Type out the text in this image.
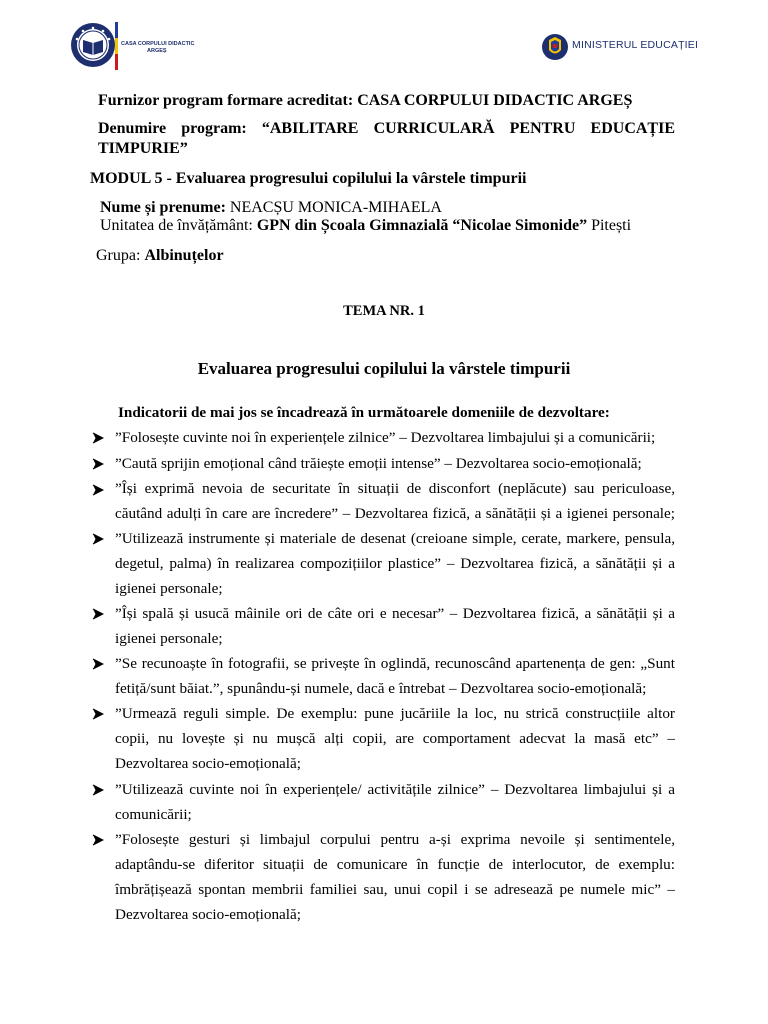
CASA CORPULUI DIDACTIC
ARGEȘ	MINISTERUL EDUCAȚIEI
Furnizor program formare acreditat: CASA CORPULUI DIDACTIC ARGEȘ
Denumire program: “ABILITARE CURRICULARĂ PENTRU EDUCAȚIE
TIMPURIE”
MODUL 5 - Evaluarea progresului copilului la vârstele timpurii
Nume și prenume: NEACȘU MONICA-MIHAELA
Unitatea de învățământ: GPN din Școala Gimnazială “Nicolae Simonide” Pitești
Grupa: Albinuțelor
TEMA NR. 1
Evaluarea progresului copilului la vârstele timpurii
Indicatorii de mai jos se încadrează în următoarele domeniile de dezvoltare:
”Folosește cuvinte noi în experiențele zilnice” – Dezvoltarea limbajului și a comunicării;
”Caută sprijin emoțional când trăiește emoții intense” – Dezvoltarea socio-emoțională;
”Își exprimă nevoia de securitate în situații de disconfort (neplăcute) sau periculoase,
căutând adulți în care are încredere” – Dezvoltarea fizică, a sănătății și a igienei personale;
”Utilizează instrumente și materiale de desenat (creioane simple, cerate, markere, pensula,
degetul, palma) în realizarea compozițiilor plastice” – Dezvoltarea fizică, a sănătății și a
igienei personale;
”Își spală și usucă mâinile ori de câte ori e necesar” – Dezvoltarea fizică, a sănătății și a
igienei personale;
”Se recunoaște în fotografii, se privește în oglindă, recunoscând apartenența de gen: „Sunt
fetiță/sunt băiat.”, spunându-și numele, dacă e întrebat – Dezvoltarea socio-emoțională;
”Urmează reguli simple. De exemplu: pune jucăriile la loc, nu strică construcțiile altor
copii, nu lovește și nu mușcă alți copii, are comportament adecvat la masă etc” –
Dezvoltarea socio-emoțională;
”Utilizează cuvinte noi în experiențele/ activitățile zilnice” – Dezvoltarea limbajului și a
comunicării;
”Folosește gesturi și limbajul corpului pentru a-și exprima nevoile și sentimentele,
adaptându-se diferitor situații de comunicare în funcție de interlocutor, de exemplu:
îmbrățișează spontan membrii familiei sau, unui copil i se adresează pe numele mic” –
Dezvoltarea socio-emoțională;
